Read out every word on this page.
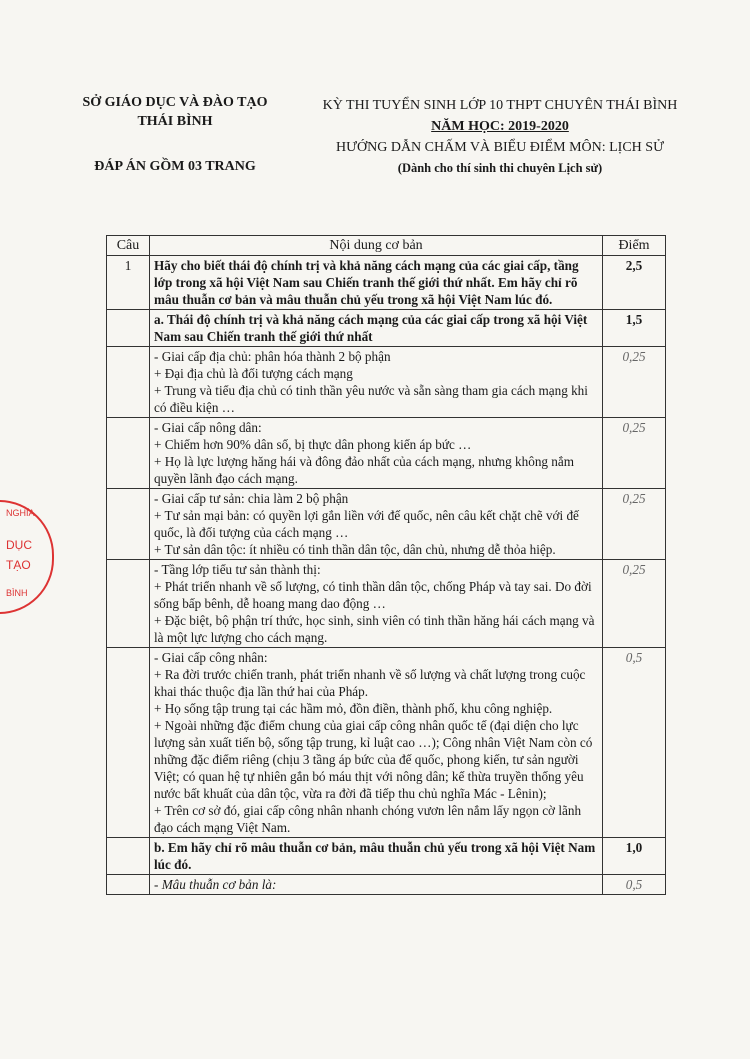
SỞ GIÁO DỤC VÀ ĐÀO TẠO
THÁI BÌNH
ĐÁP ÁN GỒM 03 TRANG
KỲ THI TUYỂN SINH LỚP 10 THPT CHUYÊN THÁI BÌNH
NĂM HỌC: 2019-2020
HƯỚNG DẪN CHẤM VÀ BIỂU ĐIỂM MÔN: LỊCH SỬ
(Dành cho thí sinh thi chuyên Lịch sử)
NGHĨA
DỤC
TẠO
BÌNH
Câu	Nội dung cơ bản	Điểm
1	Hãy cho biết thái độ chính trị và khả năng cách mạng của các giai cấp, tầng lớp trong xã hội Việt Nam sau Chiến tranh thế giới thứ nhất. Em hãy chỉ rõ mâu thuẫn cơ bản và mâu thuẫn chủ yếu trong xã hội Việt Nam lúc đó.	2,5

	a. Thái độ chính trị và khả năng cách mạng của các giai cấp trong xã hội Việt Nam sau Chiến tranh thế giới thứ nhất	1,5

	- Giai cấp địa chủ: phân hóa thành 2 bộ phận
+ Đại địa chủ là đối tượng cách mạng
+ Trung và tiểu địa chủ có tinh thần yêu nước và sẵn sàng tham gia cách mạng khi có điều kiện …	0,25

	- Giai cấp nông dân:
+ Chiếm hơn 90% dân số, bị thực dân phong kiến áp bức …
+ Họ là lực lượng hăng hái và đông đảo nhất của cách mạng, nhưng không nắm quyền lãnh đạo cách mạng.	0,25

	- Giai cấp tư sản: chia làm 2 bộ phận
+ Tư sản mại bản: có quyền lợi gắn liền với đế quốc, nên câu kết chặt chẽ với đế quốc, là đối tượng của cách mạng …
+ Tư sản dân tộc: ít nhiều có tinh thần dân tộc, dân chủ, nhưng dễ thỏa hiệp.	0,25

	- Tầng lớp tiểu tư sản thành thị:
+ Phát triển nhanh về số lượng, có tinh thần dân tộc, chống Pháp và tay sai. Do đời sống bấp bênh, dễ hoang mang dao động …
+ Đặc biệt, bộ phận trí thức, học sinh, sinh viên có tinh thần hăng hái cách mạng và là một lực lượng cho cách mạng.	0,25

	- Giai cấp công nhân:
+ Ra đời trước chiến tranh, phát triển nhanh về số lượng và chất lượng trong cuộc khai thác thuộc địa lần thứ hai của Pháp.
+ Họ sống tập trung tại các hầm mỏ, đồn điền, thành phố, khu công nghiệp.
+ Ngoài những đặc điểm chung của giai cấp công nhân quốc tế (đại diện cho lực lượng sản xuất tiến bộ, sống tập trung, kỉ luật cao …); Công nhân Việt Nam còn có những đặc điểm riêng (chịu 3 tầng áp bức của đế quốc, phong kiến, tư sản người Việt; có quan hệ tự nhiên gắn bó máu thịt với nông dân; kế thừa truyền thống yêu nước bất khuất của dân tộc, vừa ra đời đã tiếp thu chủ nghĩa Mác - Lênin);
+ Trên cơ sở đó, giai cấp công nhân nhanh chóng vươn lên nắm lấy ngọn cờ lãnh đạo cách mạng Việt Nam.	0,5

	b. Em hãy chỉ rõ mâu thuẫn cơ bản, mâu thuẫn chủ yếu trong xã hội Việt Nam lúc đó.	1,0

	- Mâu thuẫn cơ bản là:	0,5
